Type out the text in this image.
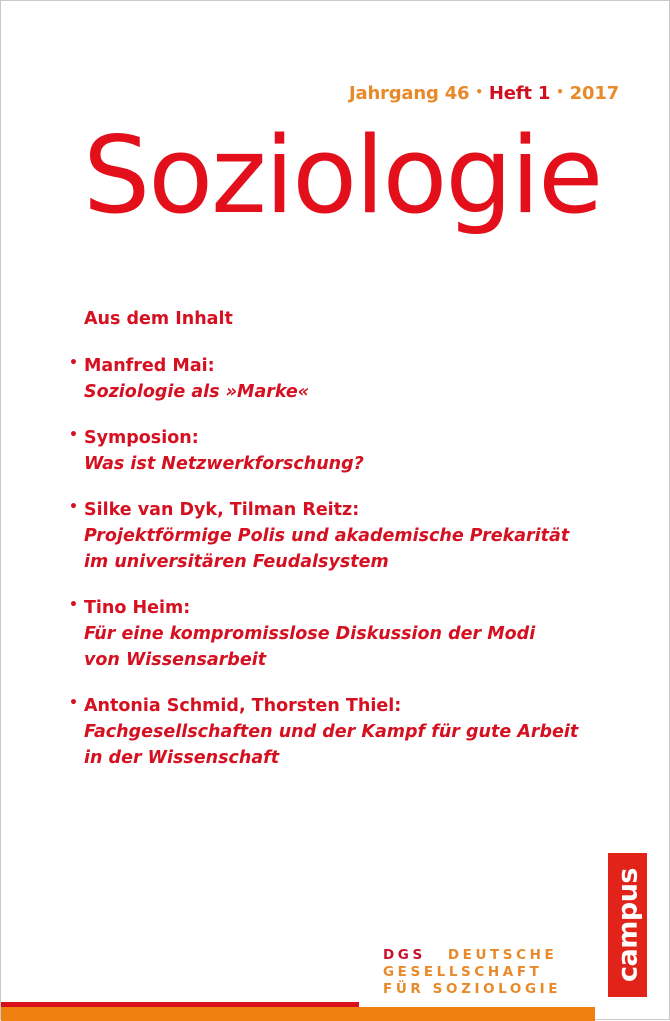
Jahrgang 46 • Heft 1 • 2017
Soziologie
Aus dem Inhalt
• Manfred Mai:
Soziologie als »Marke«
• Symposion:
Was ist Netzwerkforschung?
• Silke van Dyk, Tilman Reitz:
Projektförmige Polis und akademische Prekarität
im universitären Feudalsystem
• Tino Heim:
Für eine kompromisslose Diskussion der Modi
von Wissensarbeit
• Antonia Schmid, Thorsten Thiel:
Fachgesellschaften und der Kampf für gute Arbeit
in der Wissenschaft
DGS DEUTSCHE
GESELLSCHAFT
FÜR SOZIOLOGIE
campus
